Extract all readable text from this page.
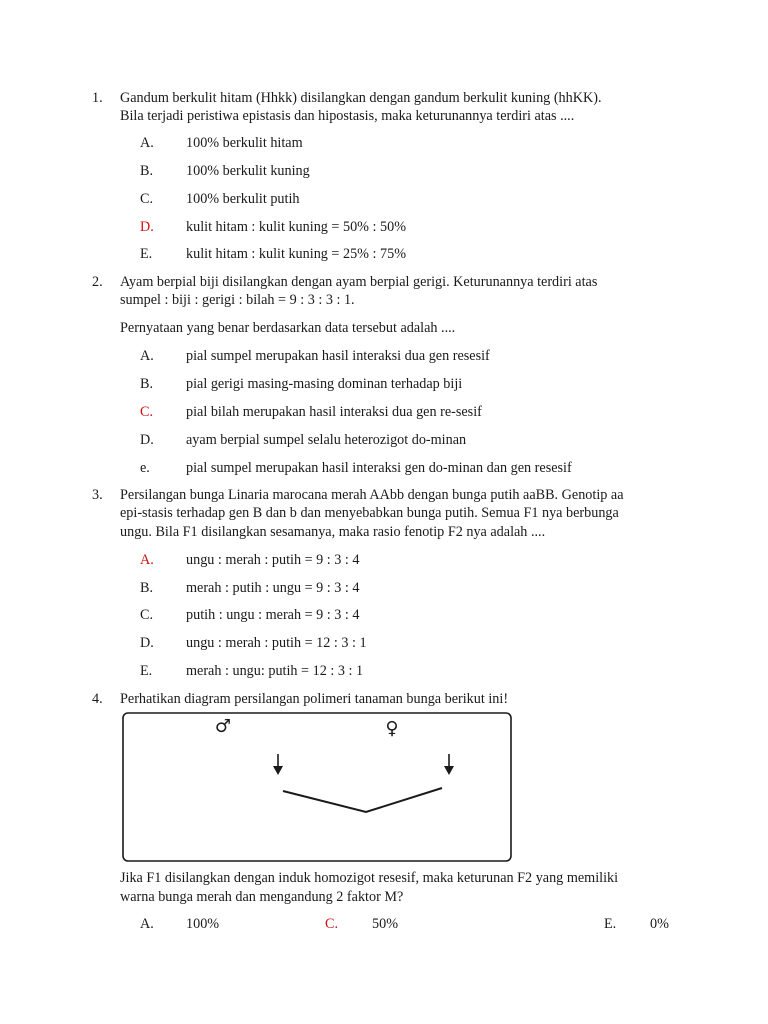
1. Gandum berkulit hitam (Hhkk) disilangkan dengan gandum berkulit kuning (hhKK).
Bila terjadi peristiwa epistasis dan hipostasis, maka keturunannya terdiri atas ....
A. 100% berkulit hitam
B. 100% berkulit kuning
C. 100% berkulit putih
D. kulit hitam : kulit kuning = 50% : 50%
E. kulit hitam : kulit kuning = 25% : 75%
2. Ayam berpial biji disilangkan dengan ayam berpial gerigi. Keturunannya terdiri atas
sumpel : biji : gerigi : bilah = 9 : 3 : 3 : 1.
Pernyataan yang benar berdasarkan data tersebut adalah ....
A. pial sumpel merupakan hasil interaksi dua gen resesif
B. pial gerigi masing-masing dominan terhadap biji
C. pial bilah merupakan hasil interaksi dua gen re-sesif
D. ayam berpial sumpel selalu heterozigot do-minan
e.	pial sumpel merupakan hasil interaksi gen do-minan dan gen resesif
3. Persilangan bunga Linaria marocana merah AAbb dengan bunga putih aaBB. Genotip aa
epi-stasis terhadap gen B dan b dan menyebabkan bunga putih. Semua F1 nya berbunga
ungu. Bila F1 disilangkan sesamanya, maka rasio fenotip F2 nya adalah ....
A. ungu : merah : putih = 9 : 3 : 4
B. merah : putih : ungu = 9 : 3 : 4
C. putih : ungu : merah = 9 : 3 : 4
D. ungu : merah : putih = 12 : 3 : 1
E. merah : ungu: putih = 12 : 3 : 1
4. Perhatikan diagram persilangan polimeri tanaman bunga berikut ini!
♂	♀
Jika F1 disilangkan dengan induk homozigot resesif, maka keturunan F2 yang memiliki
warna bunga merah dan mengandung 2 faktor M?
A. 100%	C. 50%	E. 0%
